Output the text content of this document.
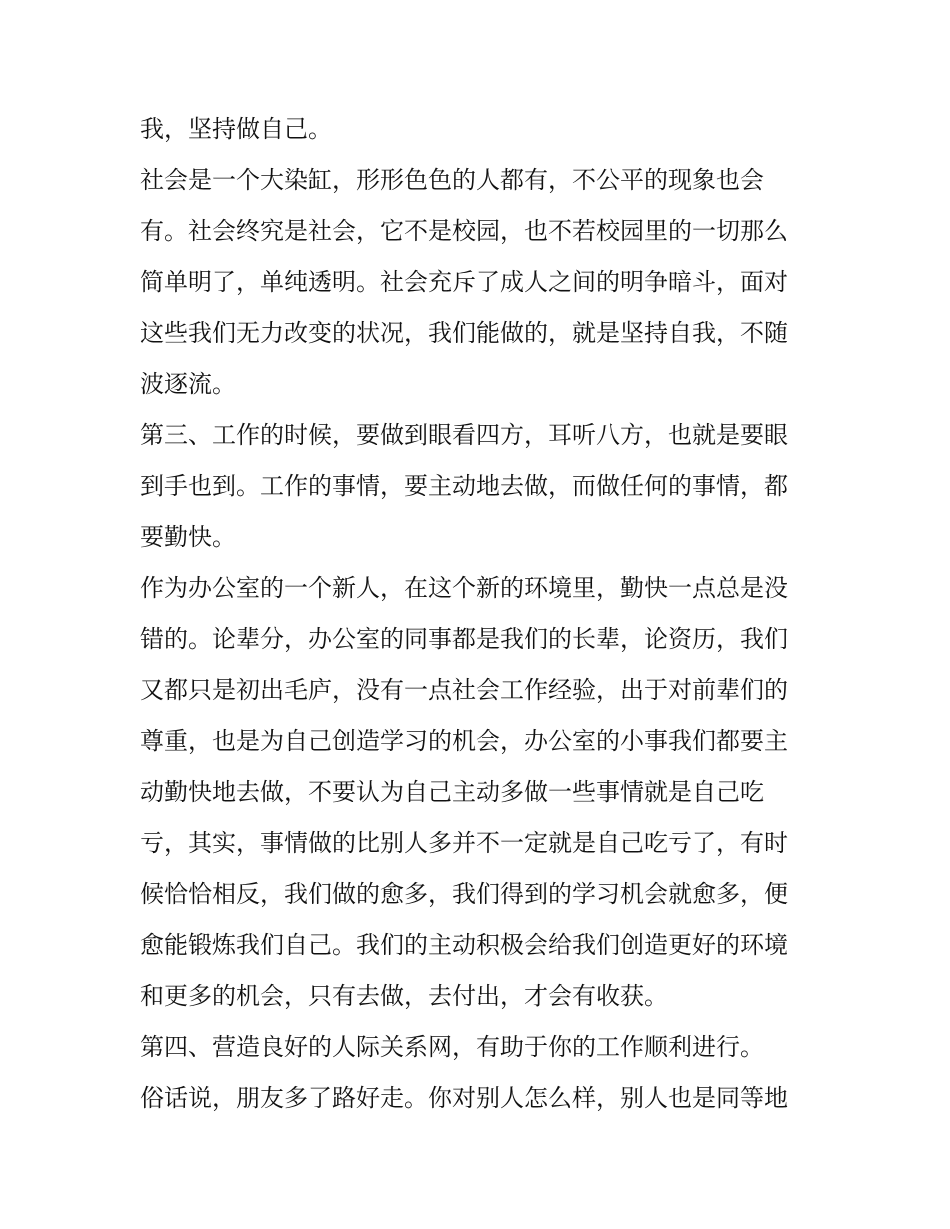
我，坚持做自己。
社会是一个大染缸，形形色色的人都有，不公平的现象也会
有。社会终究是社会，它不是校园，也不若校园里的一切那么
简单明了，单纯透明。社会充斥了成人之间的明争暗斗，面对
这些我们无力改变的状况，我们能做的，就是坚持自我，不随
波逐流。
第三、工作的时候，要做到眼看四方，耳听八方，也就是要眼
到手也到。工作的事情，要主动地去做，而做任何的事情，都
要勤快。
作为办公室的一个新人，在这个新的环境里，勤快一点总是没
错的。论辈分，办公室的同事都是我们的长辈，论资历，我们
又都只是初出毛庐，没有一点社会工作经验，出于对前辈们的
尊重，也是为自己创造学习的机会，办公室的小事我们都要主
动勤快地去做，不要认为自己主动多做一些事情就是自己吃
亏，其实，事情做的比别人多并不一定就是自己吃亏了，有时
候恰恰相反，我们做的愈多，我们得到的学习机会就愈多，便
愈能锻炼我们自己。我们的主动积极会给我们创造更好的环境
和更多的机会，只有去做，去付出，才会有收获。
第四、营造良好的人际关系网，有助于你的工作顺利进行。
俗话说，朋友多了路好走。你对别人怎么样，别人也是同等地
